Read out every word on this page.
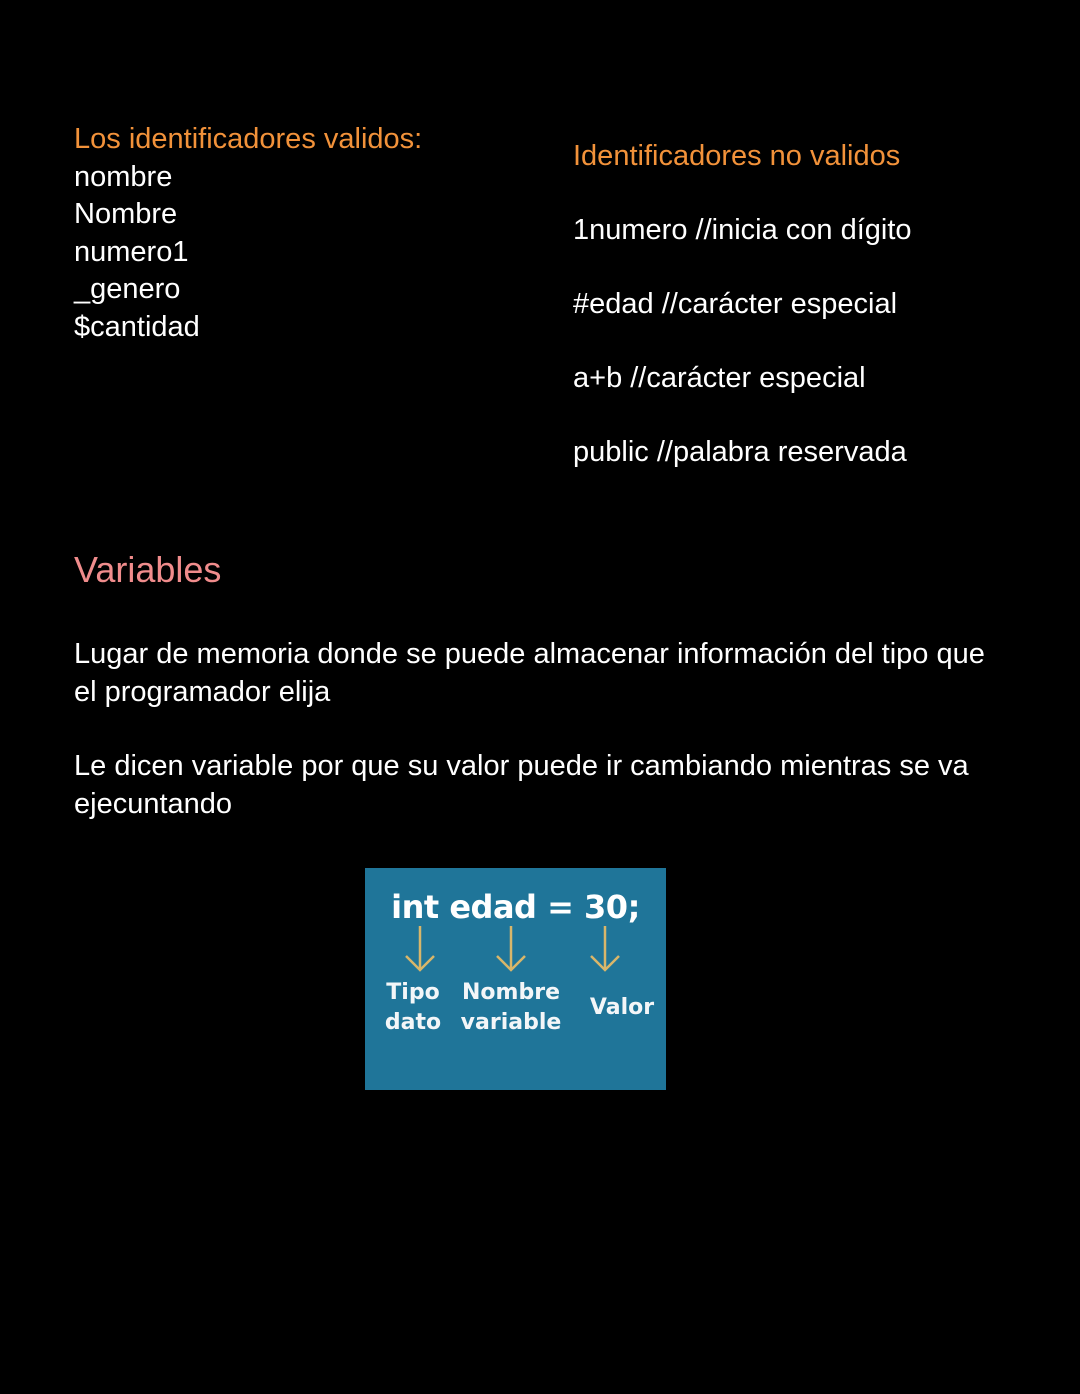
Los identificadores validos:
nombre
Nombre
numero1
_genero
$cantidad
Identificadores no validos
1numero //inicia con dígito
#edad //carácter especial
a+b //carácter especial
public //palabra reservada
Variables
Lugar de memoria donde se puede almacenar información del tipo que el programador elija
Le dicen variable por que su valor puede ir cambiando mientras se va ejecuntando
int edad = 30;
Tipo
dato
Nombre
variable
Valor
